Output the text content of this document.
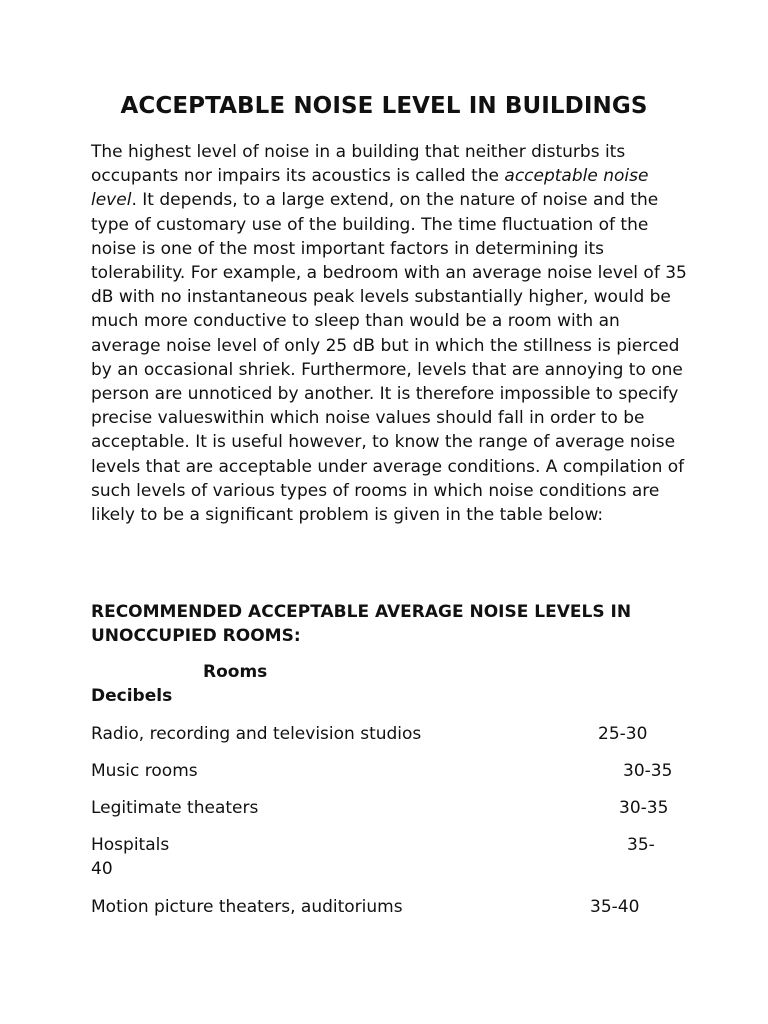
ACCEPTABLE NOISE LEVEL IN BUILDINGS

The highest level of noise in a building that neither disturbs its occupants nor impairs its acoustics is called the acceptable noise level. It depends, to a large extend, on the nature of noise and the type of customary use of the building. The time fluctuation of the noise is one of the most important factors in determining its tolerability. For example, a bedroom with an average noise level of 35 dB with no instantaneous peak levels substantially higher, would be much more conductive to sleep than would be a room with an average noise level of only 25 dB but in which the stillness is pierced by an occasional shriek. Furthermore, levels that are annoying to one person are unnoticed by another. It is therefore impossible to specify precise valueswithin which noise values should fall in order to be acceptable. It is useful however, to know the range of average noise levels that are acceptable under average conditions. A compilation of such levels of various types of rooms in which noise conditions are likely to be a significant problem is given in the table below:

RECOMMENDED ACCEPTABLE AVERAGE NOISE LEVELS IN UNOCCUPIED ROOMS:

Rooms
Decibels
Radio, recording and television studios	25-30
Music rooms	30-35
Legitimate theaters	30-35
Hospitals	35-
40
Motion picture theaters, auditoriums	35-40
